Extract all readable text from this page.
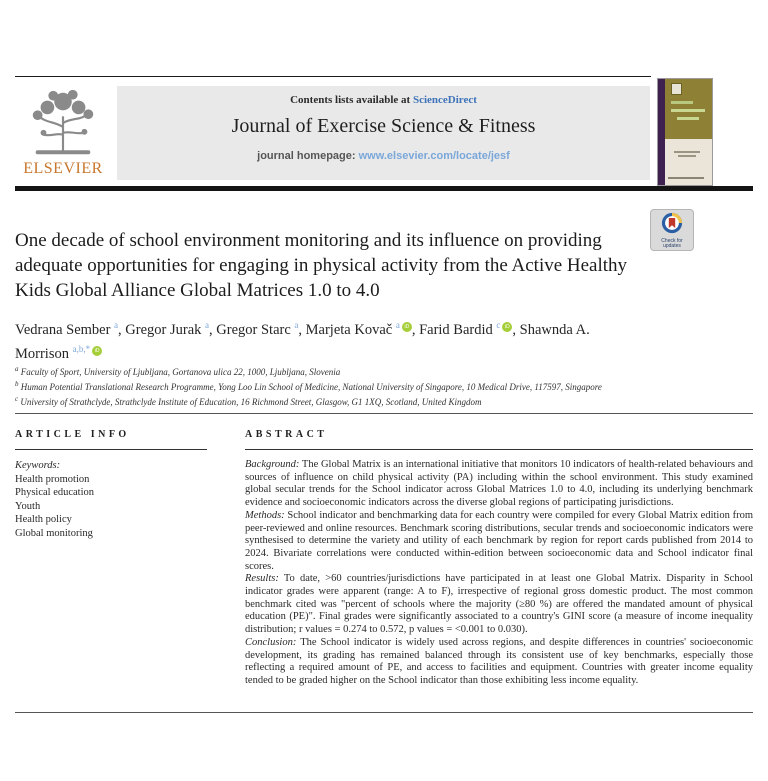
ELSEVIER
Contents lists available at ScienceDirect
Journal of Exercise Science & Fitness
journal homepage: www.elsevier.com/locate/jesf
One decade of school environment monitoring and its influence on providing adequate opportunities for engaging in physical activity from the Active Healthy Kids Global Alliance Global Matrices 1.0 to 4.0
Check for
updates
Vedrana Sember $^a$, Gregor Jurak $^a$, Gregor Starc $^a$, Marjeta Kovač $^a$ iD , Farid Bardid $^c$ iD , Shawnda A. Morrison $^{a,b,*}$ iD
$^a$ Faculty of Sport, University of Ljubljana, Gortanova ulica 22, 1000, Ljubljana, Slovenia
$^b$ Human Potential Translational Research Programme, Yong Loo Lin School of Medicine, National University of Singapore, 10 Medical Drive, 117597, Singapore
$^c$ University of Strathclyde, Strathclyde Institute of Education, 16 Richmond Street, Glasgow, G1 1XQ, Scotland, United Kingdom
ARTICLE INFO
Keywords:
Health promotion
Physical education
Youth
Health policy
Global monitoring
ABSTRACT
Background: The Global Matrix is an international initiative that monitors 10 indicators of health-related behaviours and sources of influence on child physical activity (PA) including within the school environment. This study examined global secular trends for the School indicator across Global Matrices 1.0 to 4.0, including its underlying benchmark evidence and socioeconomic indicators across the diverse global regions of participating jurisdictions.
Methods: School indicator and benchmarking data for each country were compiled for every Global Matrix edition from peer-reviewed and online resources. Benchmark scoring distributions, secular trends and socioeconomic indicators were synthesised to determine the variety and utility of each benchmark by region for report cards published from 2014 to 2024. Bivariate correlations were conducted within-edition between socioeconomic data and School indicator final scores.
Results: To date, >60 countries/jurisdictions have participated in at least one Global Matrix. Disparity in School indicator grades were apparent (range: A to F), irrespective of regional gross domestic product. The most common benchmark cited was "percent of schools where the majority (≥80 %) are offered the mandated amount of physical education (PE)". Final grades were significantly associated to a country's GINI score (a measure of income inequality distribution; r values = 0.274 to 0.572, p values = <0.001 to 0.030).
Conclusion: The School indicator is widely used across regions, and despite differences in countries' socioeconomic development, its grading has remained balanced through its consistent use of key benchmarks, especially those reflecting a required amount of PE, and access to facilities and equipment. Countries with greater income equality tended to be graded higher on the School indicator than those exhibiting less income equality.
